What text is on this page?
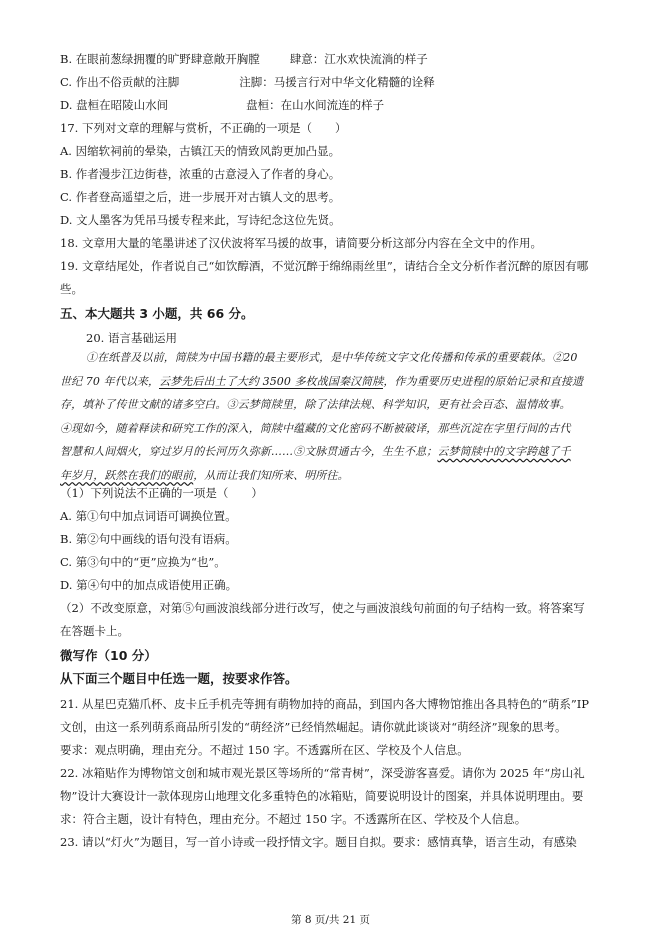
B. 在眼前葱绿拥覆的旷野肆意敞开胸膛	肆意：江水欢快流淌的样子
C. 作出不俗贡献的注脚	注脚：马援言行对中华文化精髓的诠释
D. 盘桓在昭陵山水间	盘桓：在山水间流连的样子
17. 下列对文章的理解与赏析，不正确的一项是（　　）
A. 因缩软祠前的晕染，古镇江天的情致风韵更加凸显。
B. 作者漫步江边街巷，浓重的古意浸入了作者的身心。
C. 作者登高遥望之后，进一步展开对古镇人文的思考。
D. 文人墨客为凭吊马援专程来此，写诗纪念这位先贤。
18. 文章用大量的笔墨讲述了汉伏波将军马援的故事，请简要分析这部分内容在全文中的作用。
19. 文章结尾处，作者说自己“如饮醇酒，不觉沉醉于绵绵雨丝里”，请结合全文分析作者沉醉的原因有哪
些。
五、本大题共 3 小题，共 66 分。
20. 语言基础运用

①在纸普及以前，简牍为中国书籍的最主要形式，是中华传统文字文化传播和传承的重要载体。②20

世纪 70 年代以来，云梦先后出土了大约 3500 多枚战国秦汉简牍，作为重要历史进程的原始记录和直接遗

存，填补了传世文献的诸多空白。③云梦简牍里，除了法律法规、科学知识，更有社会百态、温情故事。

④现如今，随着释读和研究工作的深入，简牍中蕴藏的文化密码不断被破译，那些沉淀在字里行间的古代

智慧和人间烟火，穿过岁月的长河历久弥新……⑤文脉贯通古今，生生不息；云梦简牍中的文字跨越了千

年岁月，跃然在我们的眼前，从而让我们知所来、明所往。

（1）下列说法不正确的一项是（　　）
A. 第①句中加点词语可调换位置。
B. 第②句中画线的语句没有语病。
C. 第③句中的“更”应换为“也”。
D. 第④句中的加点成语使用正确。
（2）不改变原意，对第⑤句画波浪线部分进行改写，使之与画波浪线句前面的句子结构一致。将答案写
在答题卡上。
微写作（10 分）
从下面三个题目中任选一题，按要求作答。
21. 从星巴克猫爪杯、皮卡丘手机壳等拥有萌物加持的商品，到国内各大博物馆推出各具特色的“萌系”IP
文创，由这一系列萌系商品所引发的“萌经济”已经悄然崛起。请你就此谈谈对“萌经济”现象的思考。
要求：观点明确，理由充分。不超过 150 字。不透露所在区、学校及个人信息。
22. 冰箱贴作为博物馆文创和城市观光景区等场所的“常青树”，深受游客喜爱。请你为 2025 年“房山礼
物”设计大赛设计一款体现房山地理文化多重特色的冰箱贴，简要说明设计的图案，并具体说明理由。要
求：符合主题，设计有特色，理由充分。不超过 150 字。不透露所在区、学校及个人信息。
23. 请以“灯火”为题目，写一首小诗或一段抒情文字。题目自拟。要求：感情真挚，语言生动，有感染
第 8 页/共 21 页
